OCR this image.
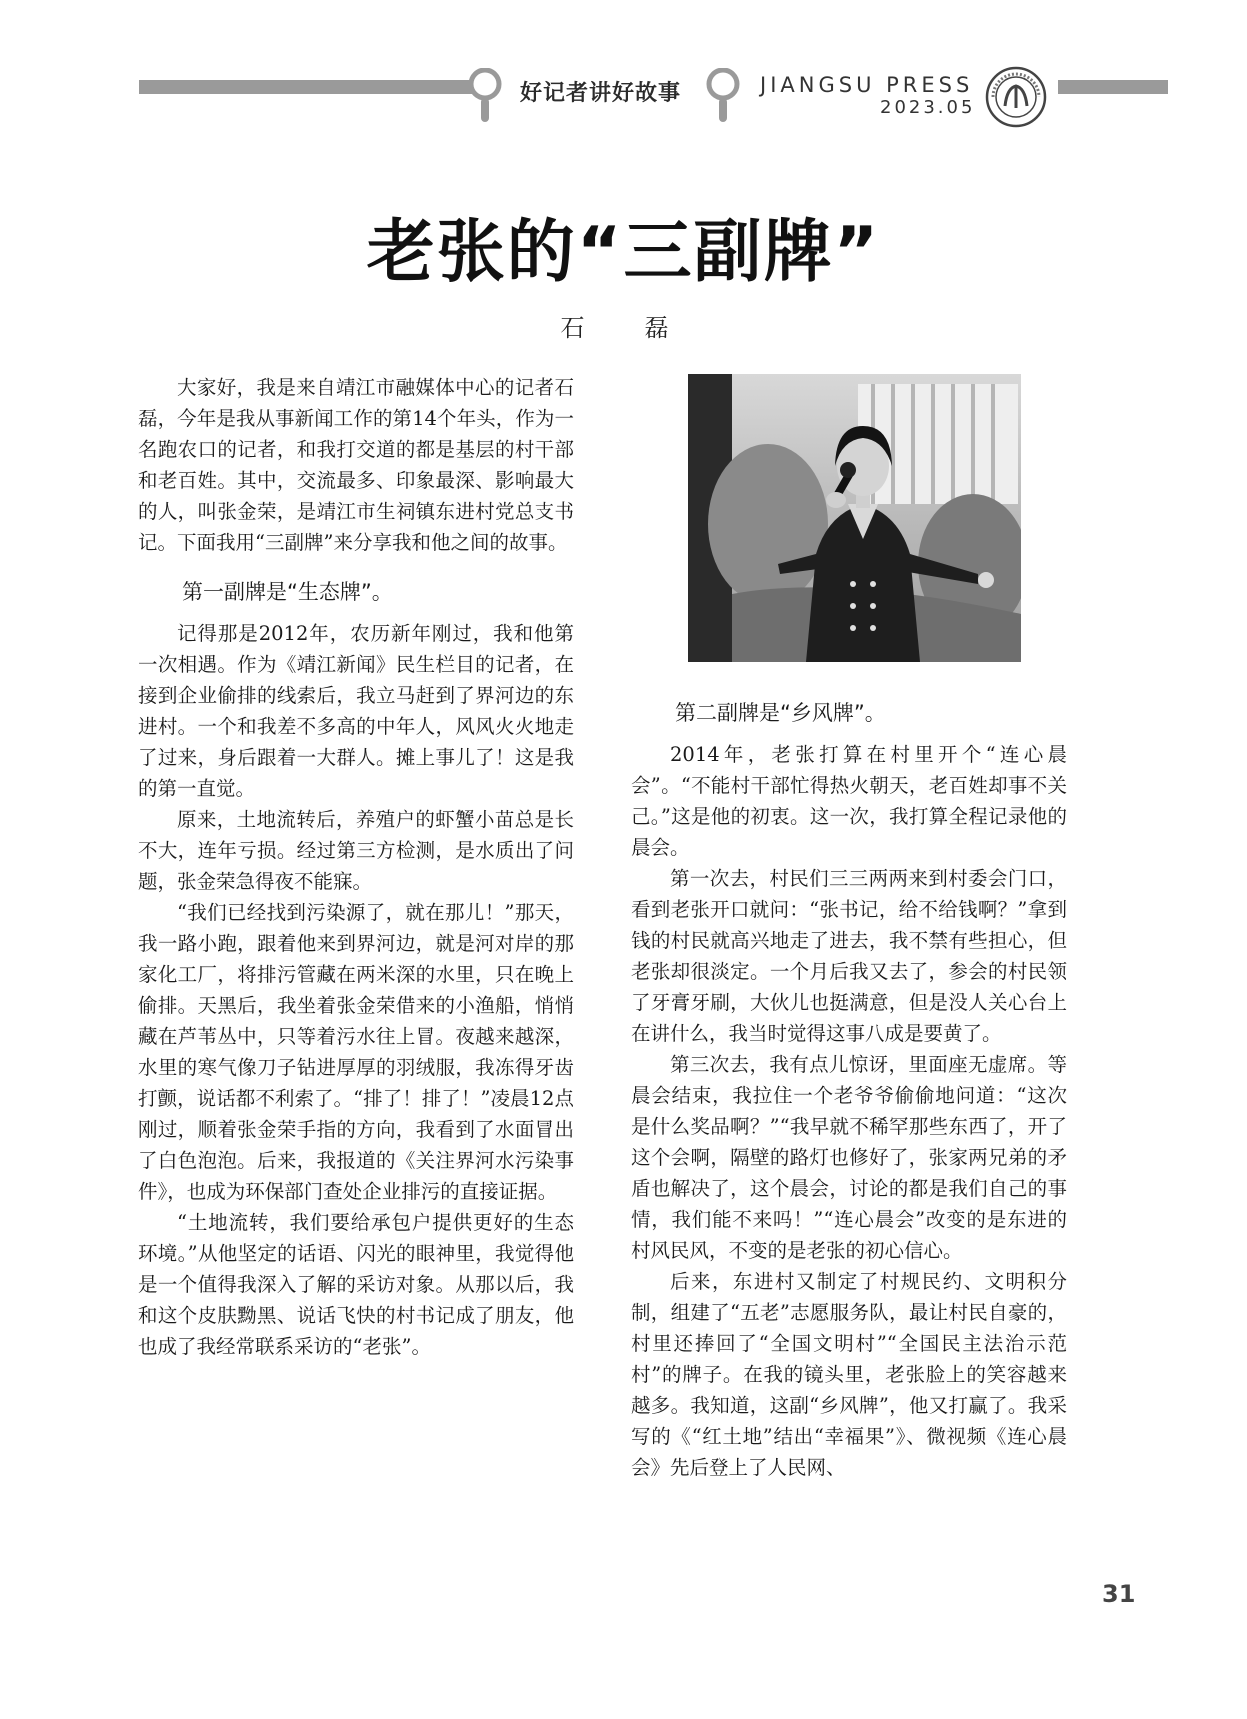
好记者讲好故事	JIANGSU PRESS
2023.05
老张的“三副牌”
石　磊

大家好，我是来自靖江市融媒体中心的记者石磊，今年是我从事新闻工作的第14个年头，作为一名跑农口的记者，和我打交道的都是基层的村干部和老百姓。其中，交流最多、印象最深、影响最大的人，叫张金荣，是靖江市生祠镇东进村党总支书记。下面我用“三副牌”来分享我和他之间的故事。

第一副牌是“生态牌”。

记得那是2012年，农历新年刚过，我和他第一次相遇。作为《靖江新闻》民生栏目的记者，在接到企业偷排的线索后，我立马赶到了界河边的东进村。一个和我差不多高的中年人，风风火火地走了过来，身后跟着一大群人。摊上事儿了！这是我的第一直觉。

原来，土地流转后，养殖户的虾蟹小苗总是长不大，连年亏损。经过第三方检测，是水质出了问题，张金荣急得夜不能寐。

“我们已经找到污染源了，就在那儿！”那天，我一路小跑，跟着他来到界河边，就是河对岸的那家化工厂，将排污管藏在两米深的水里，只在晚上偷排。天黑后，我坐着张金荣借来的小渔船，悄悄藏在芦苇丛中，只等着污水往上冒。夜越来越深，水里的寒气像刀子钻进厚厚的羽绒服，我冻得牙齿打颤，说话都不利索了。“排了！排了！”凌晨12点刚过，顺着张金荣手指的方向，我看到了水面冒出了白色泡泡。后来，我报道的《关注界河水污染事件》，也成为环保部门查处企业排污的直接证据。

“土地流转，我们要给承包户提供更好的生态环境。”从他坚定的话语、闪光的眼神里，我觉得他是一个值得我深入了解的采访对象。从那以后，我和这个皮肤黝黑、说话飞快的村书记成了朋友，他也成了我经常联系采访的“老张”。

第二副牌是“乡风牌”。

2014年，老张打算在村里开个“连心晨会”。“不能村干部忙得热火朝天，老百姓却事不关己。”这是他的初衷。这一次，我打算全程记录他的晨会。

第一次去，村民们三三两两来到村委会门口，看到老张开口就问：“张书记，给不给钱啊？”拿到钱的村民就高兴地走了进去，我不禁有些担心，但老张却很淡定。一个月后我又去了，参会的村民领了牙膏牙刷，大伙儿也挺满意，但是没人关心台上在讲什么，我当时觉得这事八成是要黄了。

第三次去，我有点儿惊讶，里面座无虚席。等晨会结束，我拉住一个老爷爷偷偷地问道：“这次是什么奖品啊？”“我早就不稀罕那些东西了，开了这个会啊，隔壁的路灯也修好了，张家两兄弟的矛盾也解决了，这个晨会，讨论的都是我们自己的事情，我们能不来吗！”“连心晨会”改变的是东进的村风民风，不变的是老张的初心信心。

后来，东进村又制定了村规民约、文明积分制，组建了“五老”志愿服务队，最让村民自豪的，村里还捧回了“全国文明村”“全国民主法治示范村”的牌子。在我的镜头里，老张脸上的笑容越来越多。我知道，这副“乡风牌”，他又打赢了。我采写的《“红土地”结出“幸福果”》、微视频《连心晨会》先后登上了人民网、

31
